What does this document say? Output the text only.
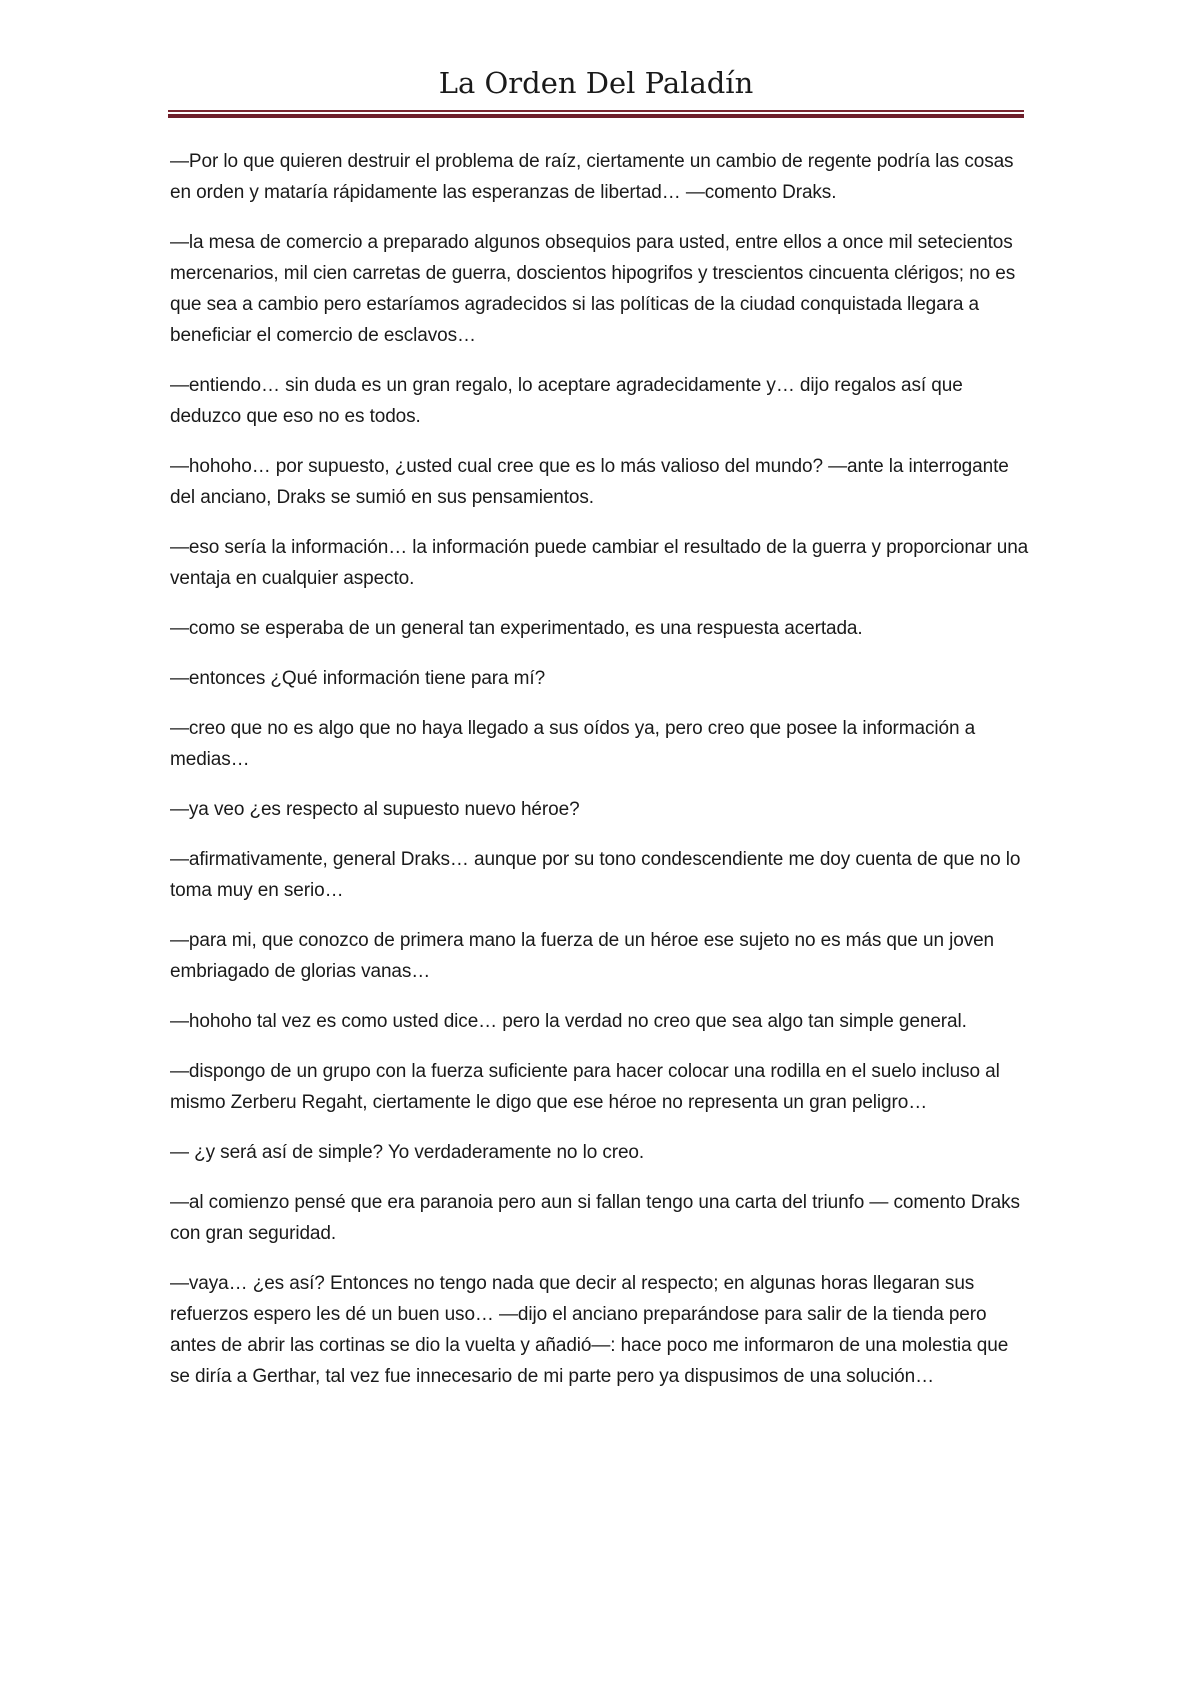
La Orden Del Paladín

—Por lo que quieren destruir el problema de raíz, ciertamente un cambio de regente podría las cosas en orden y mataría rápidamente las esperanzas de libertad… —comento Draks.

—la mesa de comercio a preparado algunos obsequios para usted, entre ellos a once mil setecientos mercenarios, mil cien carretas de guerra, doscientos hipogrifos y trescientos cincuenta clérigos; no es que sea a cambio pero estaríamos agradecidos si las políticas de la ciudad conquistada llegara a beneficiar el comercio de esclavos…

—entiendo… sin duda es un gran regalo, lo aceptare agradecidamente y… dijo regalos así que deduzco que eso no es todos.

—hohoho… por supuesto, ¿usted cual cree que es lo más valioso del mundo? —ante la interrogante del anciano, Draks se sumió en sus pensamientos.

—eso sería la información… la información puede cambiar el resultado de la guerra y proporcionar una ventaja en cualquier aspecto.

—como se esperaba de un general tan experimentado, es una respuesta acertada.

—entonces ¿Qué información tiene para mí?

—creo que no es algo que no haya llegado a sus oídos ya, pero creo que posee la información a medias…

—ya veo ¿es respecto al supuesto nuevo héroe?

—afirmativamente, general Draks… aunque por su tono condescendiente me doy cuenta de que no lo toma muy en serio…

—para mi, que conozco de primera mano la fuerza de un héroe ese sujeto no es más que un joven embriagado de glorias vanas…

—hohoho tal vez es como usted dice… pero la verdad no creo que sea algo tan simple general.

—dispongo de un grupo con la fuerza suficiente para hacer colocar una rodilla en el suelo incluso al mismo Zerberu Regaht, ciertamente le digo que ese héroe no representa un gran peligro…

— ¿y será así de simple? Yo verdaderamente no lo creo.

—al comienzo pensé que era paranoia pero aun si fallan tengo una carta del triunfo — comento Draks con gran seguridad.

—vaya… ¿es así? Entonces no tengo nada que decir al respecto; en algunas horas llegaran sus refuerzos espero les dé un buen uso… —dijo el anciano preparándose para salir de la tienda pero antes de abrir las cortinas se dio la vuelta y añadió—: hace poco me informaron de una molestia que se diría a Gerthar, tal vez fue innecesario de mi parte pero ya dispusimos de una solución…
